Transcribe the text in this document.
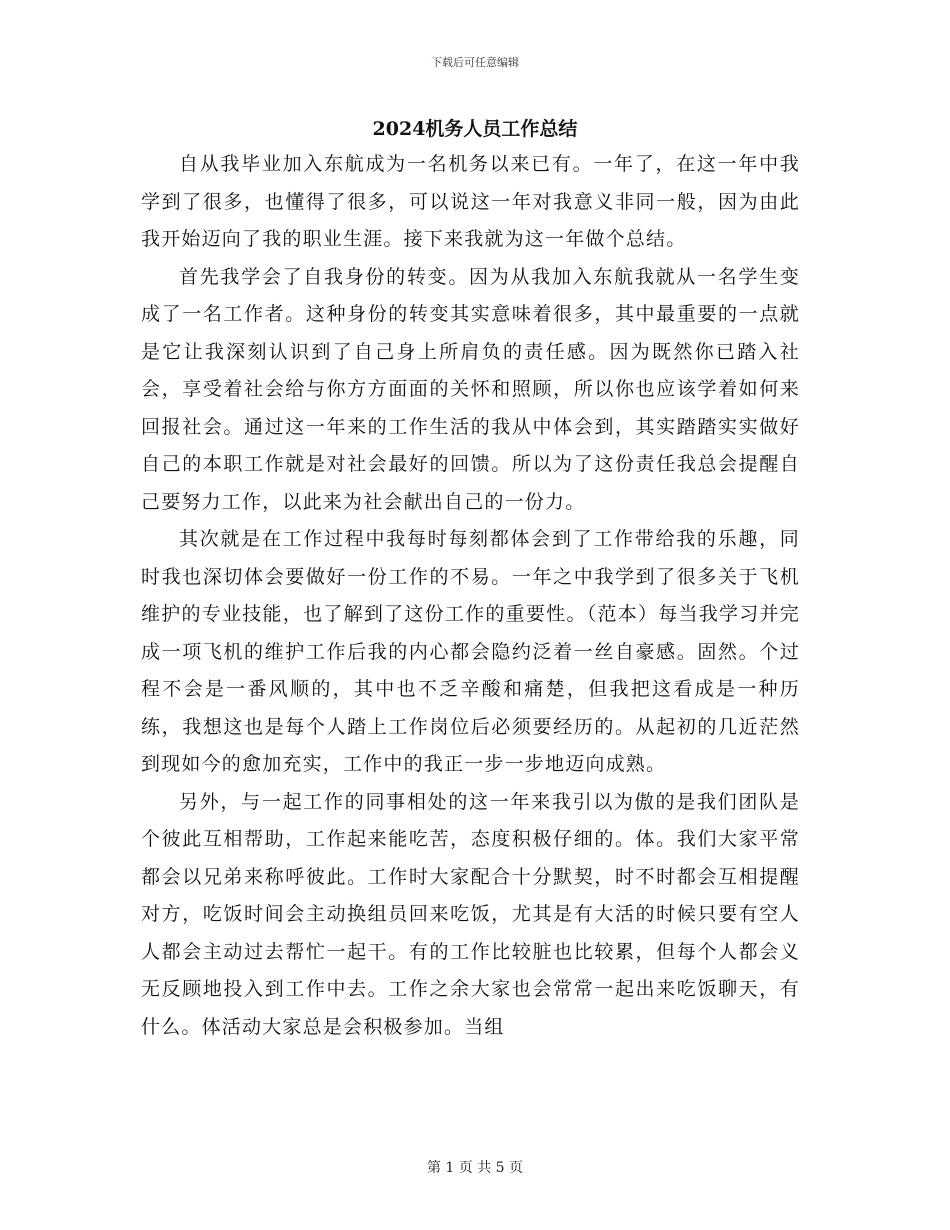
下载后可任意编辑
2024机务人员工作总结

自从我毕业加入东航成为一名机务以来已有。一年了，在这一年中我学到了很多，也懂得了很多，可以说这一年对我意义非同一般，因为由此我开始迈向了我的职业生涯。接下来我就为这一年做个总结。

首先我学会了自我身份的转变。因为从我加入东航我就从一名学生变成了一名工作者。这种身份的转变其实意味着很多，其中最重要的一点就是它让我深刻认识到了自己身上所肩负的责任感。因为既然你已踏入社会，享受着社会给与你方方面面的关怀和照顾，所以你也应该学着如何来回报社会。通过这一年来的工作生活的我从中体会到，其实踏踏实实做好自己的本职工作就是对社会最好的回馈。所以为了这份责任我总会提醒自己要努力工作，以此来为社会献出自己的一份力。

其次就是在工作过程中我每时每刻都体会到了工作带给我的乐趣，同时我也深切体会要做好一份工作的不易。一年之中我学到了很多关于飞机维护的专业技能，也了解到了这份工作的重要性。（范本）每当我学习并完成一项飞机的维护工作后我的内心都会隐约泛着一丝自豪感。固然。个过程不会是一番风顺的，其中也不乏辛酸和痛楚，但我把这看成是一种历练，我想这也是每个人踏上工作岗位后必须要经历的。从起初的几近茫然到现如今的愈加充实，工作中的我正一步一步地迈向成熟。

另外，与一起工作的同事相处的这一年来我引以为傲的是我们团队是个彼此互相帮助，工作起来能吃苦，态度积极仔细的。体。我们大家平常都会以兄弟来称呼彼此。工作时大家配合十分默契，时不时都会互相提醒对方，吃饭时间会主动换组员回来吃饭，尤其是有大活的时候只要有空人人都会主动过去帮忙一起干。有的工作比较脏也比较累，但每个人都会义无反顾地投入到工作中去。工作之余大家也会常常一起出来吃饭聊天，有什么。体活动大家总是会积极参加。当组

第 1 页 共 5 页
